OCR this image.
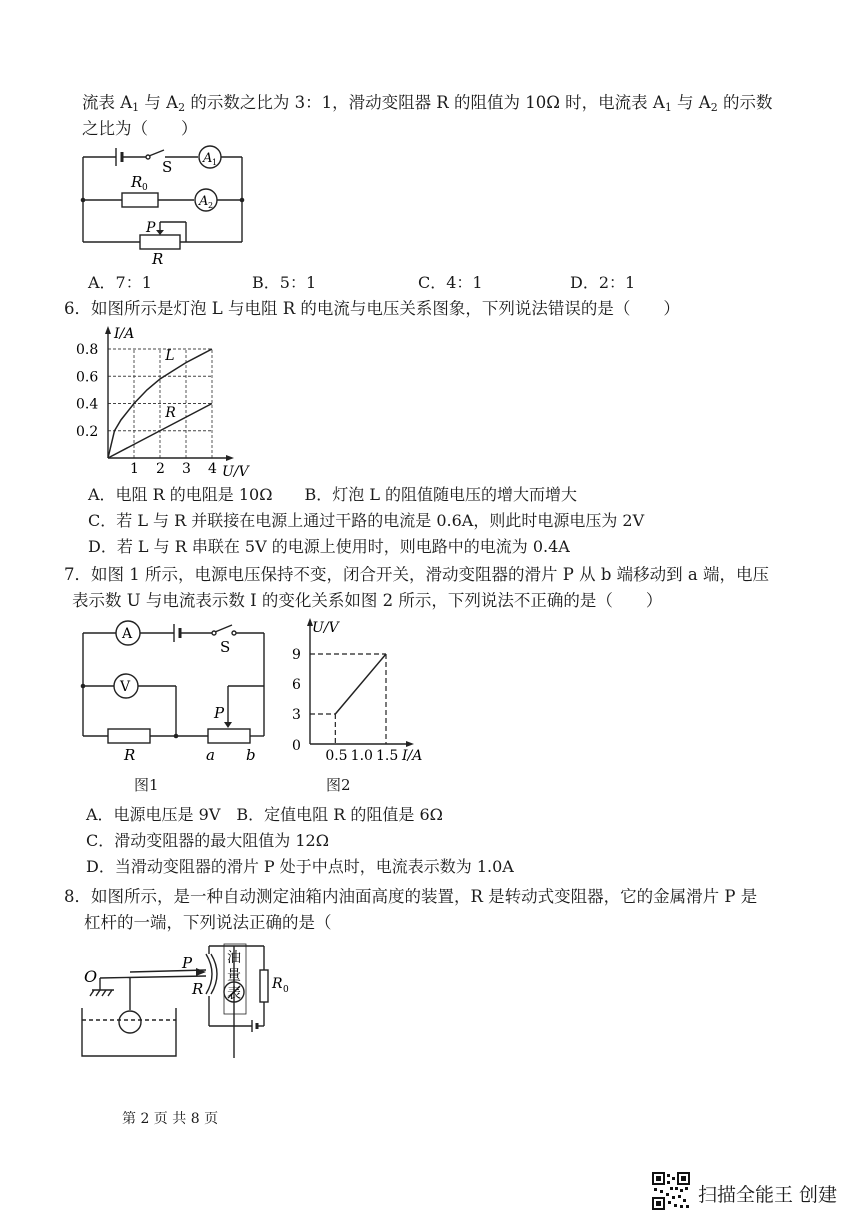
流表 $A_1$ 与 $A_2$ 的示数之比为 3：1，滑动变阻器 R 的阻值为 10Ω 时，电流表 $A_1$ 与 $A_2$ 的示数
之比为（　　）
S A 1
R 0
A 2
P
R
A．7：1	B．5：1	C．4：1	D．2：1
6．如图所示是灯泡 L 与电阻 R 的电流与电压关系图象，下列说法错误的是（　　）
1 2 3 4
0.2
0.4
0.6
0.8
I/A
U/V
L
R
A．电阻 R 的电阻是 10Ω　　B．灯泡 L 的阻值随电压的增大而增大
C．若 L 与 R 并联接在电源上通过干路的电流是 0.6A，则此时电源电压为 2V
D．若 L 与 R 串联在 5V 的电源上使用时，则电路中的电流为 0.4A
7．如图 1 所示，电源电压保持不变，闭合开关，滑动变阻器的滑片 P 从 b 端移动到 a 端，电压
表示数 U 与电流表示数 I 的变化关系如图 2 所示，下列说法不正确的是（　　）
A
S
V
P
R	a b
3
6
9
0.5 1.0 1.5
0
U/V
I/A
图1	图2
A．电源电压是 9V　B．定值电阻 R 的阻值是 6Ω
C．滑动变阻器的最大阻值为 12Ω
D．当滑动变阻器的滑片 P 处于中点时，电流表示数为 1.0A
8．如图所示，是一种自动测定油箱内油面高度的装置，R 是转动式变阻器，它的金属滑片 P 是
杠杆的一端，下列说法正确的是（
O
P
R
油
量
表
R 0
第 2 页 共 8 页
扫描全能王 创建
